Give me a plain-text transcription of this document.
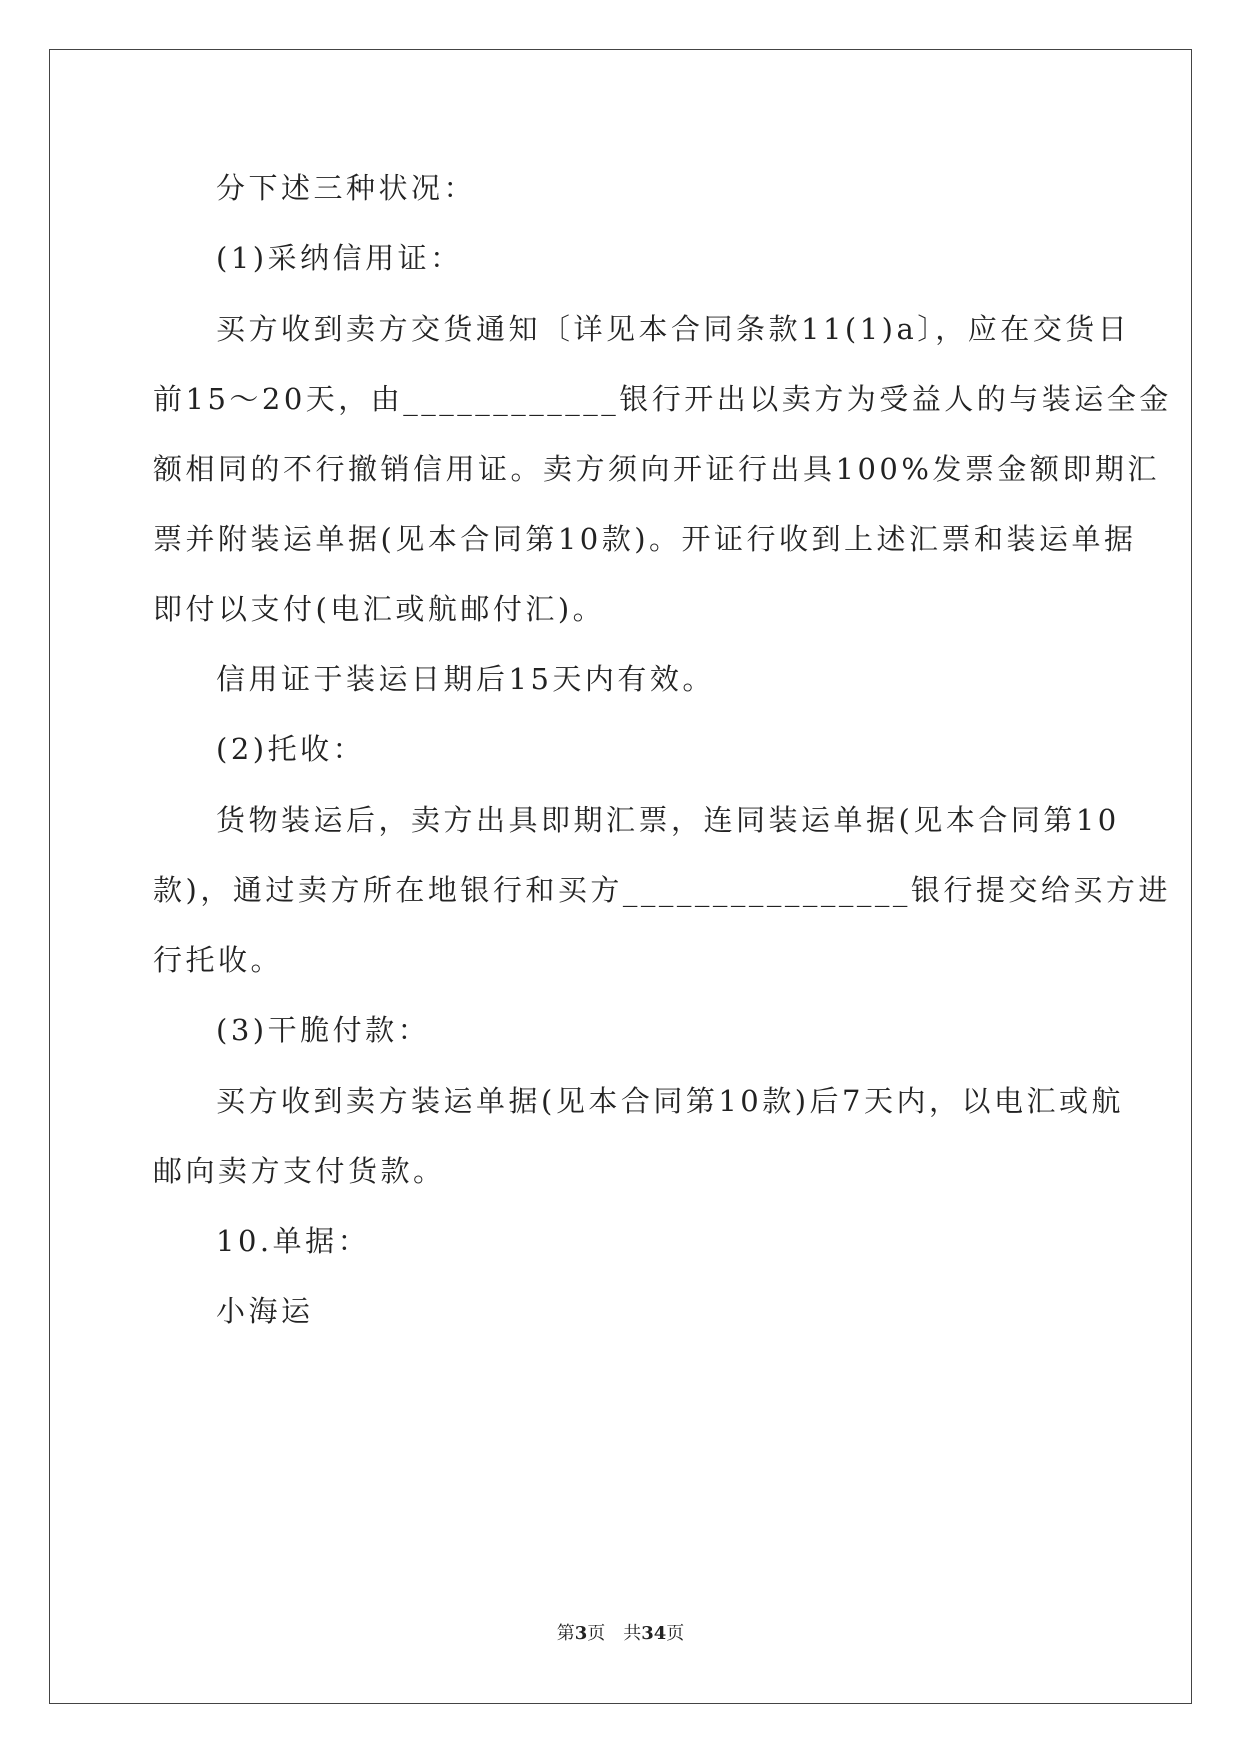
分下述三种状况：
(1)采纳信用证：
买方收到卖方交货通知〔详见本合同条款11(1)a〕，应在交货日
前15～20天，由____________银行开出以卖方为受益人的与装运全金
额相同的不行撤销信用证。卖方须向开证行出具100%发票金额即期汇
票并附装运单据(见本合同第10款)。开证行收到上述汇票和装运单据
即付以支付(电汇或航邮付汇)。
信用证于装运日期后15天内有效。
(2)托收：
货物装运后，卖方出具即期汇票，连同装运单据(见本合同第10
款)，通过卖方所在地银行和买方________________银行提交给买方进
行托收。
(3)干脆付款：
买方收到卖方装运单据(见本合同第10款)后7天内，以电汇或航
邮向卖方支付货款。
10.单据：
小海运
第3页 共34页
